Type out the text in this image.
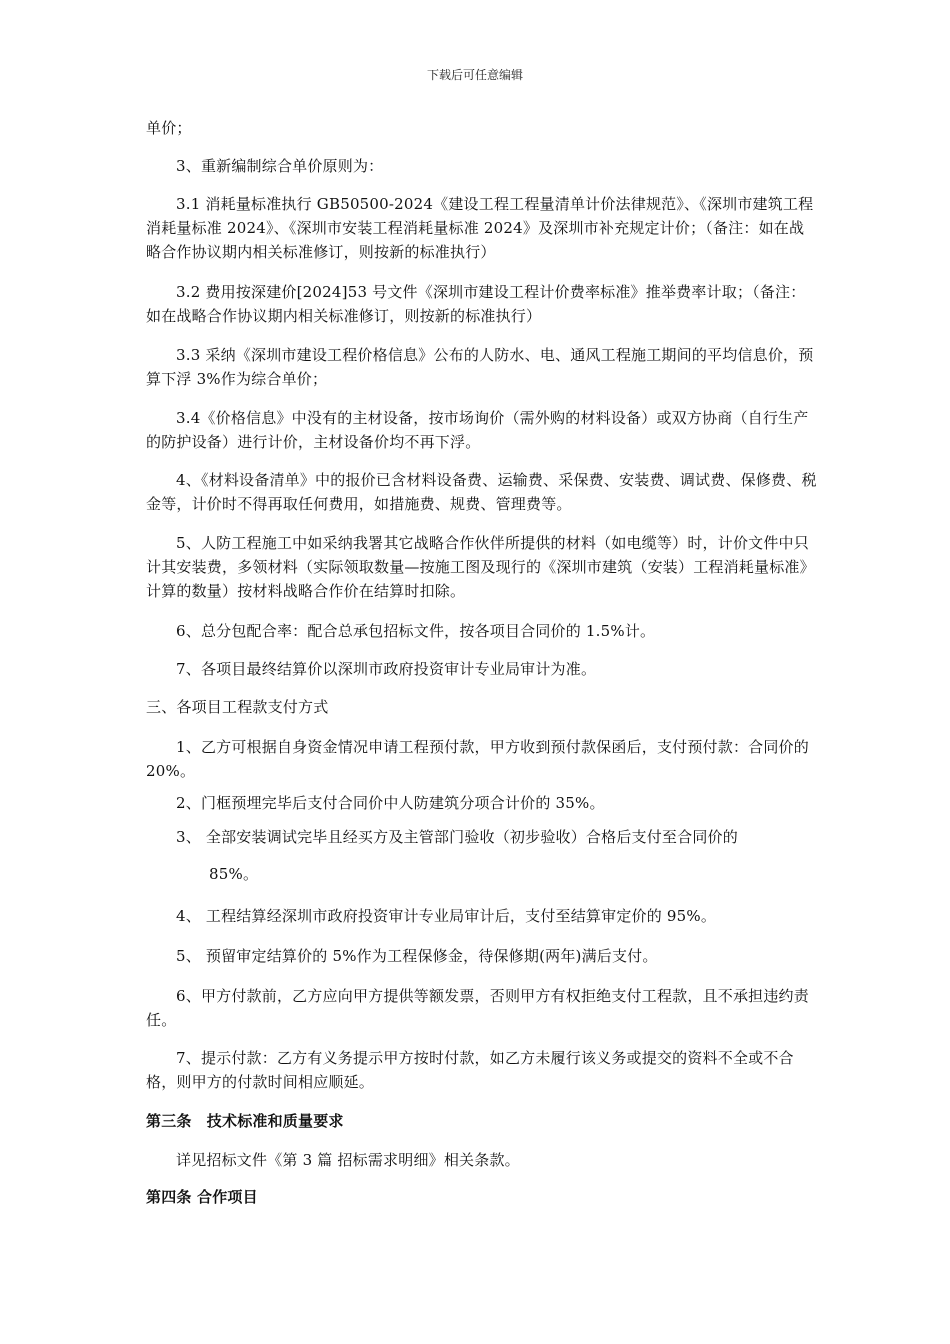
下载后可任意编辑

单价；

3、重新编制综合单价原则为：

3.1 消耗量标准执行 GB50500-2024《建设工程工程量清单计价法律规范》、《深圳市建筑工程消耗量标准 2024》、《深圳市安装工程消耗量标准 2024》及深圳市补充规定计价；（备注：如在战略合作协议期内相关标准修订，则按新的标准执行）

3.2 费用按深建价[2024]53 号文件《深圳市建设工程计价费率标准》推举费率计取；（备注：如在战略合作协议期内相关标准修订，则按新的标准执行）

3.3 采纳《深圳市建设工程价格信息》公布的人防水、电、通风工程施工期间的平均信息价，预算下浮 3%作为综合单价；

3.4《价格信息》中没有的主材设备，按市场询价（需外购的材料设备）或双方协商（自行生产的防护设备）进行计价，主材设备价均不再下浮。

4、《材料设备清单》中的报价已含材料设备费、运输费、采保费、安装费、调试费、保修费、税金等，计价时不得再取任何费用，如措施费、规费、管理费等。

5、人防工程施工中如采纳我署其它战略合作伙伴所提供的材料（如电缆等）时，计价文件中只计其安装费，多领材料（实际领取数量—按施工图及现行的《深圳市建筑（安装）工程消耗量标准》计算的数量）按材料战略合作价在结算时扣除。

6、总分包配合率：配合总承包招标文件，按各项目合同价的 1.5%计。

7、各项目最终结算价以深圳市政府投资审计专业局审计为准。

三、各项目工程款支付方式

1、乙方可根据自身资金情况申请工程预付款，甲方收到预付款保函后，支付预付款：合同价的 20%。

2、门框预埋完毕后支付合同价中人防建筑分项合计价的 35%。

3、 全部安装调试完毕且经买方及主管部门验收（初步验收）合格后支付至合同价的

85%。

4、 工程结算经深圳市政府投资审计专业局审计后，支付至结算审定价的 95%。

5、 预留审定结算价的 5%作为工程保修金，待保修期(两年)满后支付。

6、甲方付款前，乙方应向甲方提供等额发票，否则甲方有权拒绝支付工程款，且不承担违约责任。

7、提示付款：乙方有义务提示甲方按时付款，如乙方未履行该义务或提交的资料不全或不合格，则甲方的付款时间相应顺延。

第三条　技术标准和质量要求

详见招标文件《第 3 篇 招标需求明细》相关条款。

第四条 合作项目
